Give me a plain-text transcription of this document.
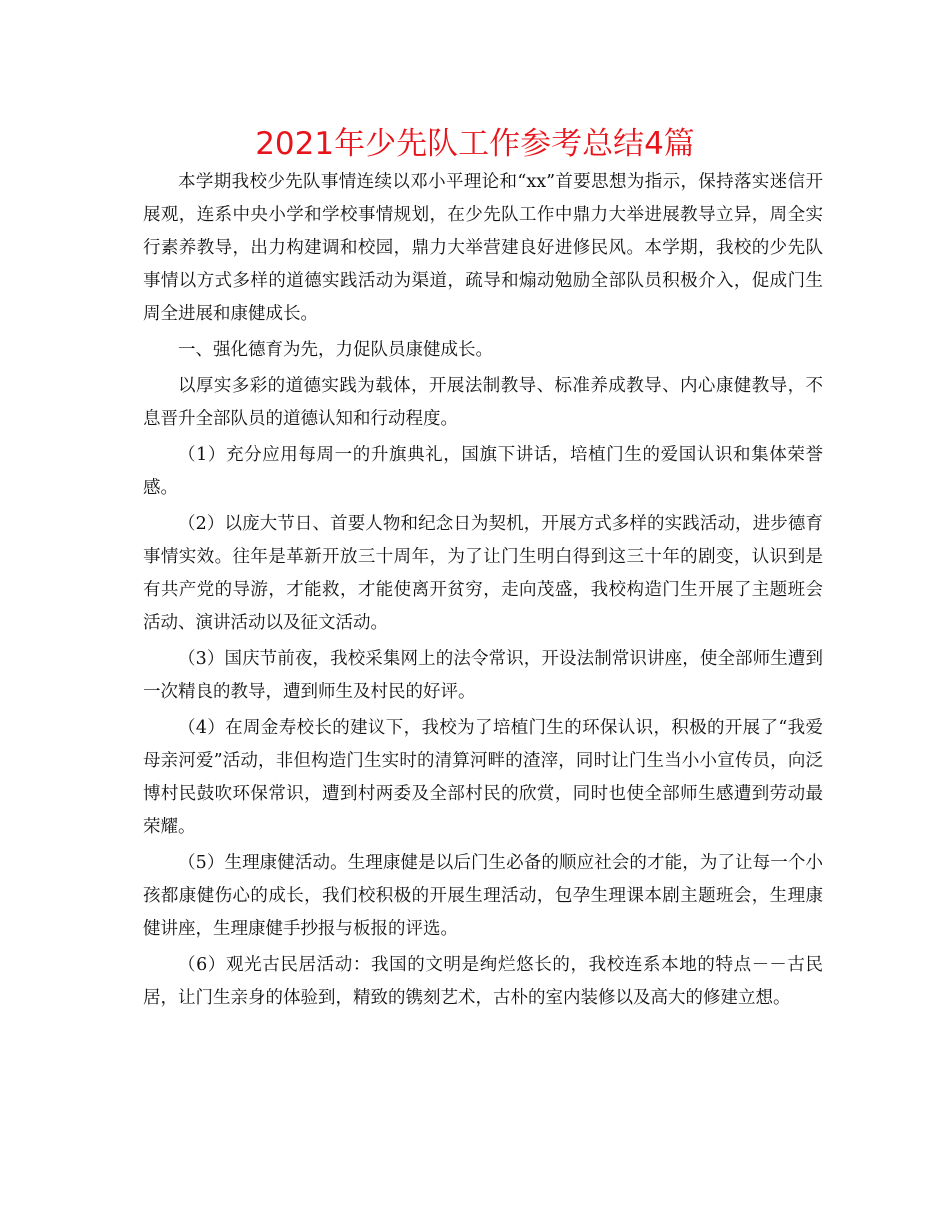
2021年少先队工作参考总结4篇

本学期我校少先队事情连续以邓小平理论和“xx”首要思想为指示，保持落实迷信开展观，连系中央小学和学校事情规划，在少先队工作中鼎力大举进展教导立异，周全实行素养教导，出力构建调和校园，鼎力大举营建良好进修民风。本学期，我校的少先队事情以方式多样的道德实践活动为渠道，疏导和煽动勉励全部队员积极介入，促成门生周全进展和康健成长。

一、强化德育为先，力促队员康健成长。

以厚实多彩的道德实践为载体，开展法制教导、标准养成教导、内心康健教导，不息晋升全部队员的道德认知和行动程度。

（1）充分应用每周一的升旗典礼，国旗下讲话，培植门生的爱国认识和集体荣誉感。

（2）以庞大节日、首要人物和纪念日为契机，开展方式多样的实践活动，进步德育事情实效。往年是革新开放三十周年，为了让门生明白得到这三十年的剧变，认识到是有共产党的导游，才能救，才能使离开贫穷，走向茂盛，我校构造门生开展了主题班会活动、演讲活动以及征文活动。

（3）国庆节前夜，我校采集网上的法令常识，开设法制常识讲座，使全部师生遭到一次精良的教导，遭到师生及村民的好评。

（4）在周金寿校长的建议下，我校为了培植门生的环保认识，积极的开展了“我爱母亲河爱”活动，非但构造门生实时的清算河畔的渣滓，同时让门生当小小宣传员，向泛博村民鼓吹环保常识，遭到村两委及全部村民的欣赏，同时也使全部师生感遭到劳动最荣耀。

（5）生理康健活动。生理康健是以后门生必备的顺应社会的才能，为了让每一个小孩都康健伤心的成长，我们校积极的开展生理活动，包孕生理课本剧主题班会，生理康健讲座，生理康健手抄报与板报的评选。

（6）观光古民居活动：我国的文明是绚烂悠长的，我校连系本地的特点－－古民居，让门生亲身的体验到，精致的镌刻艺术，古朴的室内装修以及高大的修建立想。
